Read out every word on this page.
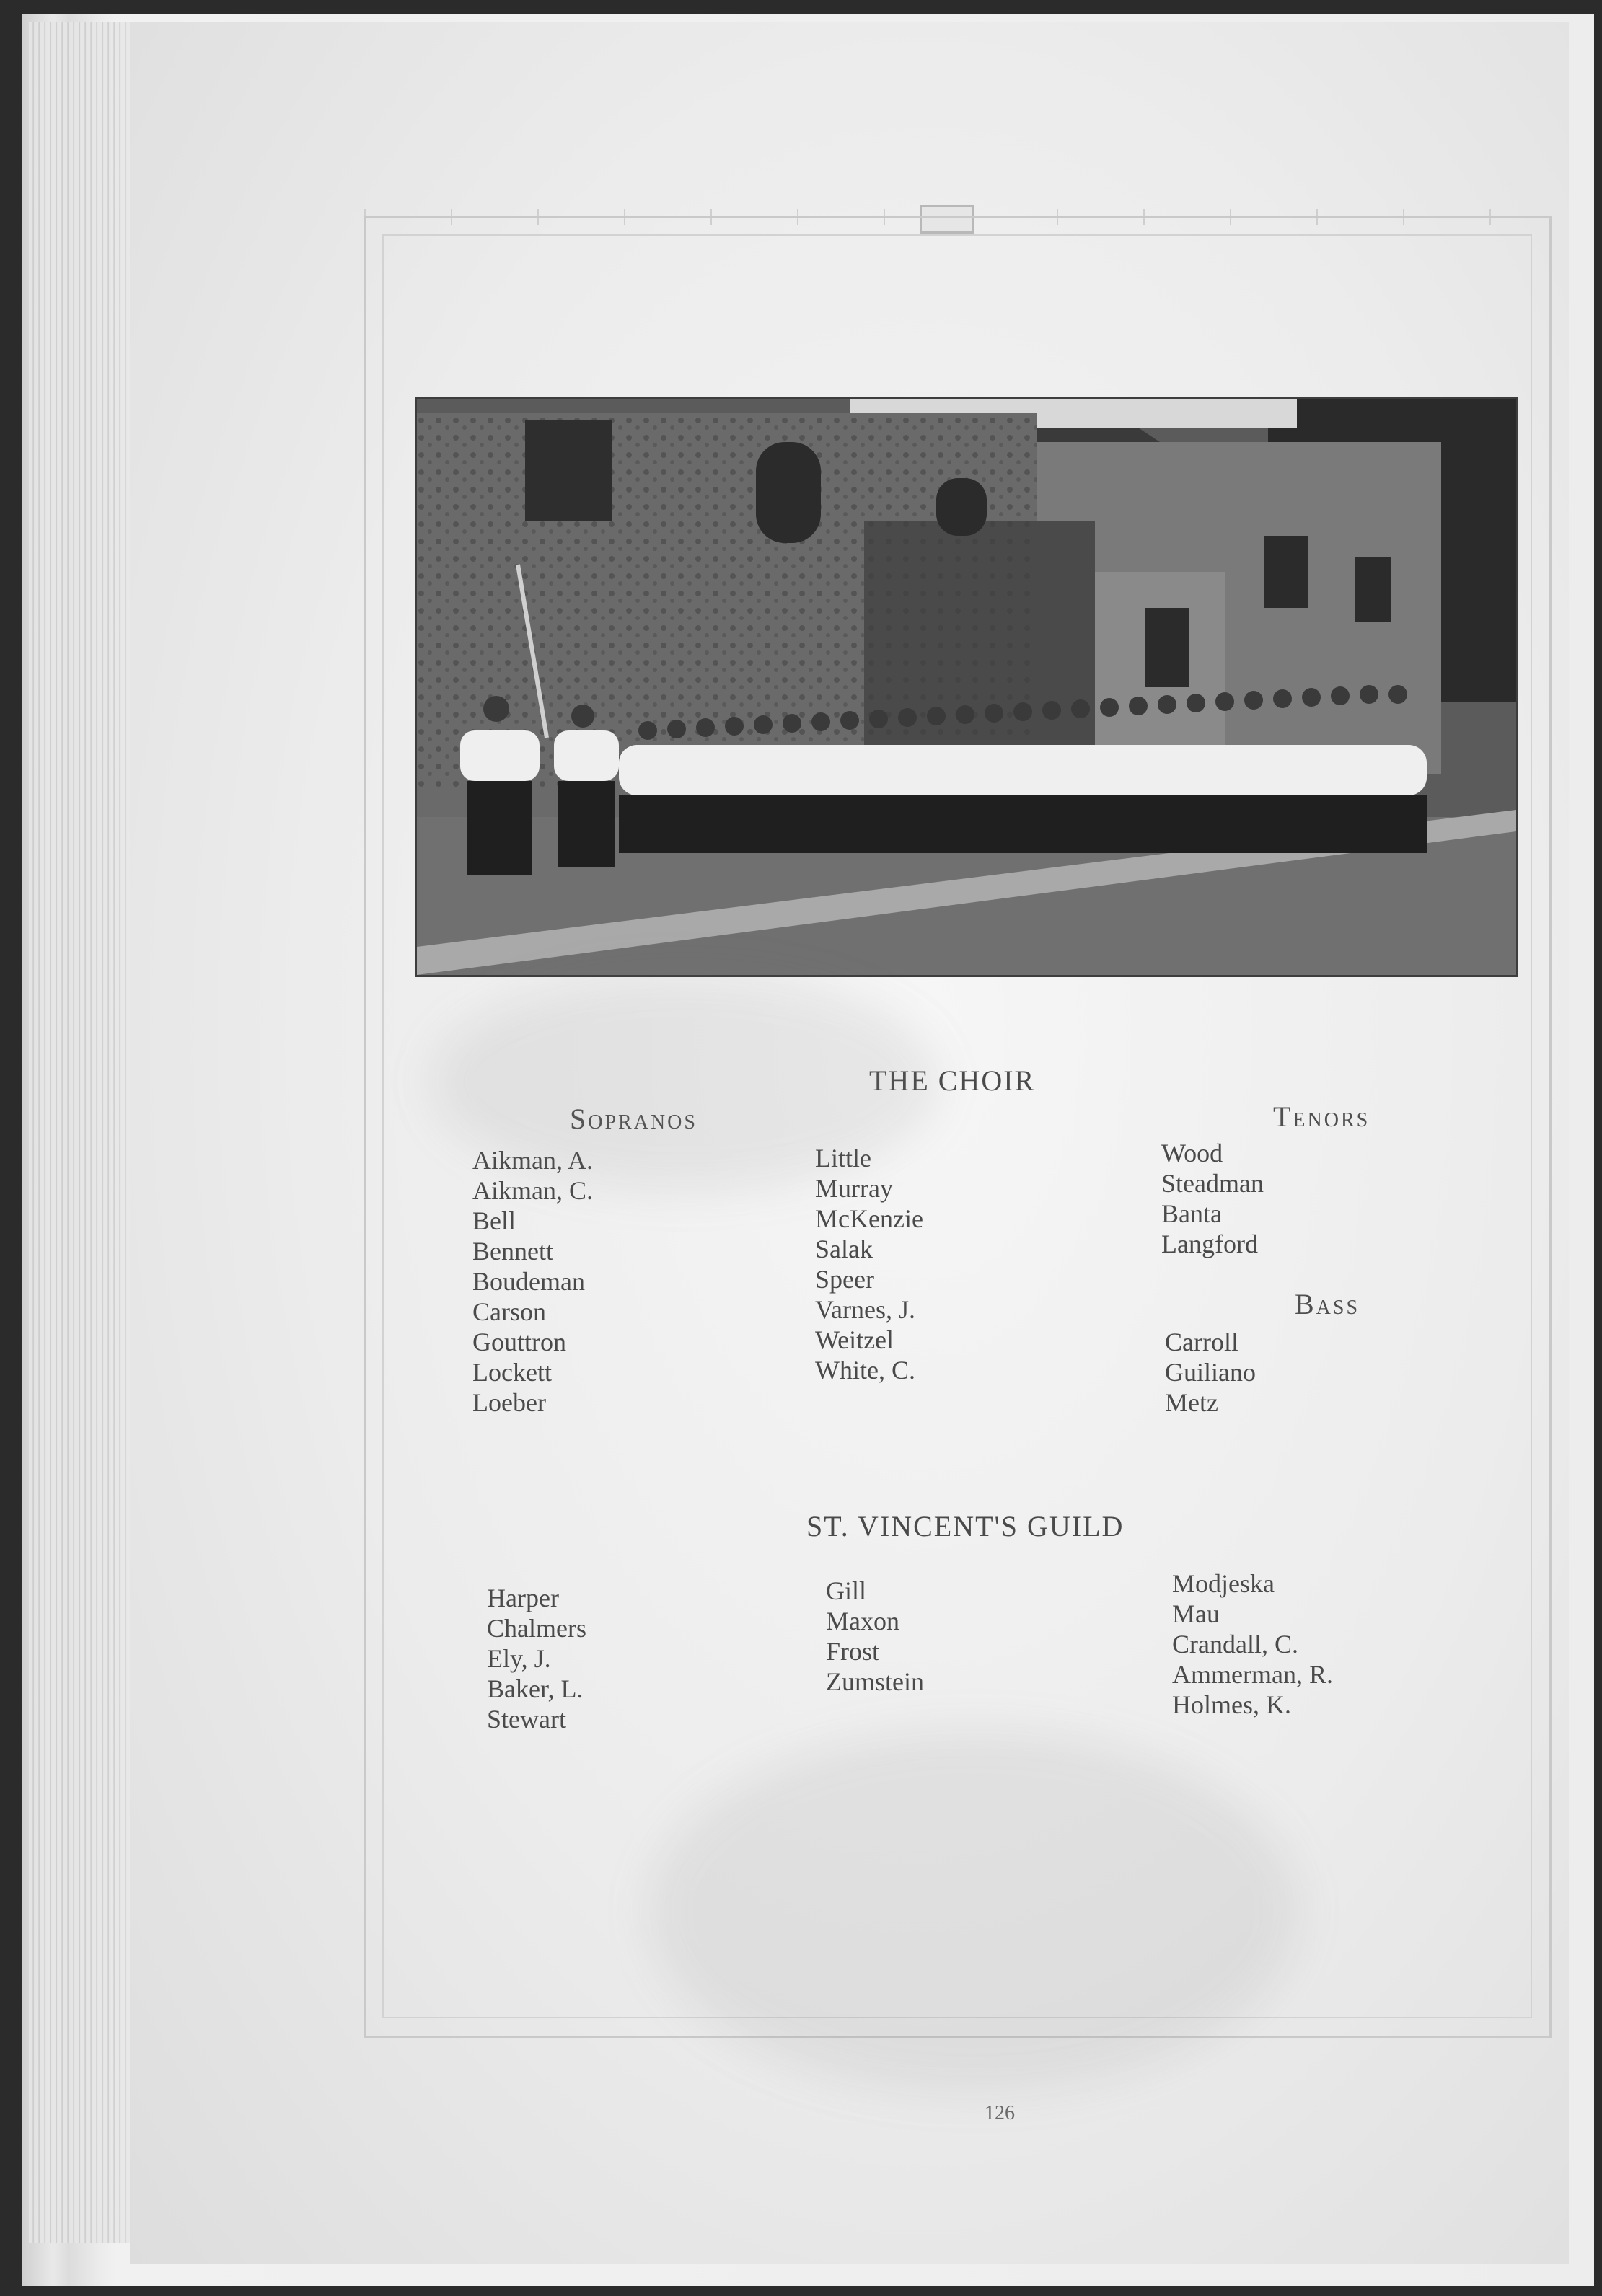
THE CHOIR
Sopranos
Aikman, A.
Aikman, C.
Bell
Bennett
Boudeman
Carson
Gouttron
Lockett
Loeber
Little
Murray
McKenzie
Salak
Speer
Varnes, J.
Weitzel
White, C.
Tenors
Wood
Steadman
Banta
Langford
Bass
Carroll
Guiliano
Metz
ST. VINCENT'S GUILD
Harper
Chalmers
Ely, J.
Baker, L.
Stewart
Gill
Maxon
Frost
Zumstein
Modjeska
Mau
Crandall, C.
Ammerman, R.
Holmes, K.
126
